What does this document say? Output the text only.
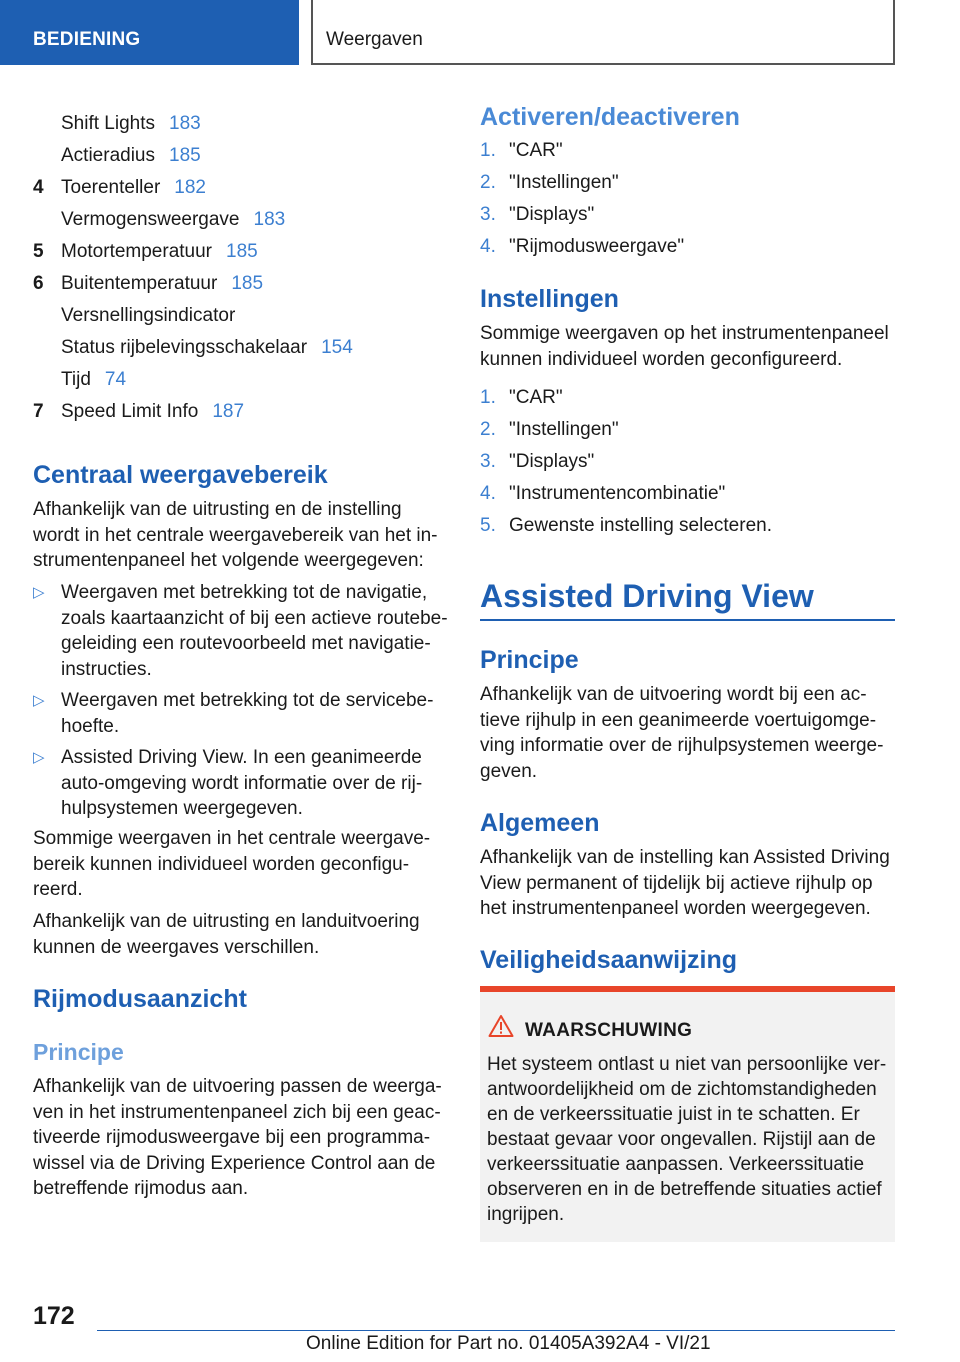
BEDIENING	Weergaven
Shift Lights 183
Actieradius 185
4 Toerenteller 182
Vermogensweergave 183
5 Motortemperatuur 185
6 Buitentemperatuur 185
Versnellingsindicator
Status rijbelevingsschakelaar 154
Tijd 74
7 Speed Limit Info 187
Centraal weergavebereik
Afhankelijk van de uitrusting en de instelling
wordt in het centrale weergavebereik van het in-
strumentenpaneel het volgende weergegeven:
▷ Weergaven met betrekking tot de navigatie,
zoals kaartaanzicht of bij een actieve routebe-
geleiding een routevoorbeeld met navigatie-
instructies.
▷ Weergaven met betrekking tot de servicebe-
hoefte.
▷ Assisted Driving View. In een geanimeerde
auto-omgeving wordt informatie over de rij-
hulpsystemen weergegeven.
Sommige weergaven in het centrale weergave-
bereik kunnen individueel worden geconfigu-
reerd.
Afhankelijk van de uitrusting en landuitvoering
kunnen de weergaves verschillen.
Rijmodusaanzicht
Principe
Afhankelijk van de uitvoering passen de weerga-
ven in het instrumentenpaneel zich bij een geac-
tiveerde rijmodusweergave bij een programma-
wissel via de Driving Experience Control aan de
betreffende rijmodus aan.
Activeren/deactiveren
1. "CAR"
2. "Instellingen"
3. "Displays"
4. "Rijmodusweergave"
Instellingen
Sommige weergaven op het instrumentenpaneel
kunnen individueel worden geconfigureerd.
1. "CAR"
2. "Instellingen"
3. "Displays"
4. "Instrumentencombinatie"
5. Gewenste instelling selecteren.
Assisted Driving View
Principe
Afhankelijk van de uitvoering wordt bij een ac-
tieve rijhulp in een geanimeerde voertuigomge-
ving informatie over de rijhulpsystemen weerge-
geven.
Algemeen
Afhankelijk van de instelling kan Assisted Driving
View permanent of tijdelijk bij actieve rijhulp op
het instrumentenpaneel worden weergegeven.
Veiligheidsaanwijzing
WAARSCHUWING
Het systeem ontlast u niet van persoonlijke ver-
antwoordelijkheid om de zichtomstandigheden
en de verkeerssituatie juist in te schatten. Er
bestaat gevaar voor ongevallen. Rijstijl aan de
verkeerssituatie aanpassen. Verkeerssituatie
observeren en in de betreffende situaties actief
ingrijpen.
172
Online Edition for Part no. 01405A392A4 - VI/21
